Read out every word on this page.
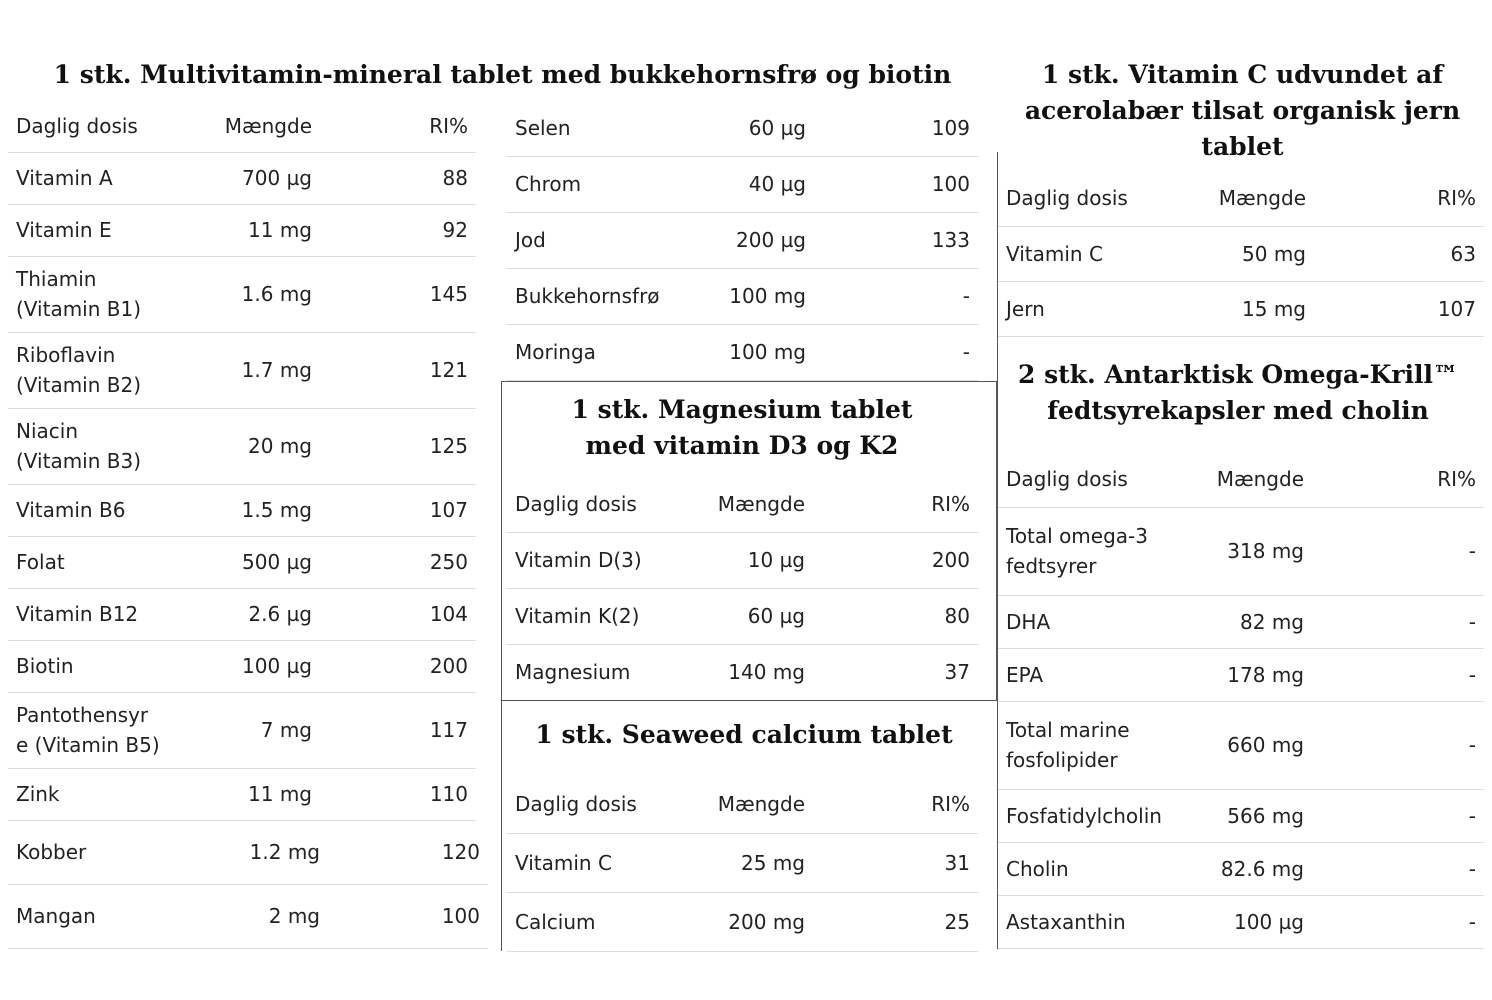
1 stk. Multivitamin-mineral tablet med bukkehornsfrø og biotin	1 stk. Vitamin C udvundet af
acerolabær tilsat organisk jern tablet
1 stk. Magnesium tablet
med vitamin D3 og K2
1 stk. Seaweed calcium tablet
2 stk. Antarktisk Omega-Krill™
fedtsyrekapsler med cholin
Daglig dosis	Mængde	RI%
Vitamin A	700 µg	88
Vitamin E	11 mg	92
Thiamin
(Vitamin B1)	1.6 mg	145
Riboflavin
(Vitamin B2)	1.7 mg	121
Niacin
(Vitamin B3)	20 mg	125
Vitamin B6	1.5 mg	107
Folat	500 µg	250
Vitamin B12	2.6 µg	104
Biotin	100 µg	200
Pantothensyr
e (Vitamin B5)	7 mg	117
Zink	11 mg	110
Kobber	1.2 mg	120
Mangan	2 mg	100
Selen	60 µg	109
Chrom	40 µg	100
Jod	200 µg	133
Bukkehornsfrø	100 mg	-
Moringa	100 mg	-
Daglig dosis	Mængde	RI%
Vitamin D(3)	10 µg	200
Vitamin K(2)	60 µg	80
Magnesium	140 mg	37
Daglig dosis	Mængde	RI%
Vitamin C	25 mg	31
Calcium	200 mg	25
Daglig dosis	Mængde	RI%
Vitamin C	50 mg	63
Jern	15 mg	107
Daglig dosis	Mængde	RI%
Total omega-3
fedtsyrer	318 mg	-
DHA	82 mg	-
EPA	178 mg	-
Total marine
fosfolipider	660 mg	-
Fosfatidylcholin	566 mg	-
Cholin	82.6 mg	-
Astaxanthin	100 µg	-
